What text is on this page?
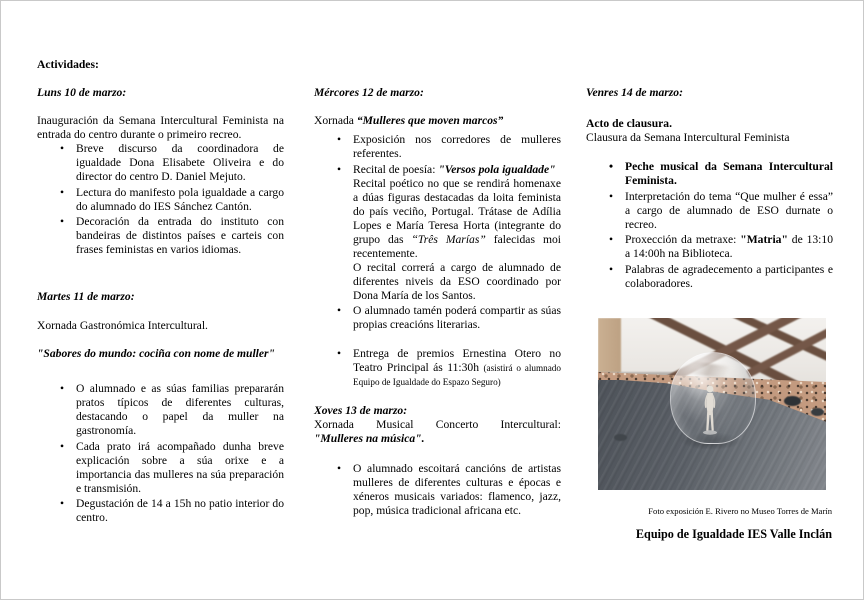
Actividades:

Luns 10 de marzo:

Inauguración da Semana Intercultural Feminista na entrada do centro durante o primeiro recreo.

• Breve discurso da coordinadora de igualdade Dona Elisabete Oliveira e do director do centro D. Daniel Mejuto.
• Lectura do manifesto pola igualdade a cargo do alumnado do IES Sánchez Cantón.
• Decoración da entrada do instituto con bandeiras de distintos países e carteis con frases feministas en varios idiomas.

Martes 11 de marzo:

Xornada Gastronómica Intercultural.

"Sabores do mundo: cociña con nome de muller"

• O alumnado e as súas familias prepararán pratos típicos de diferentes culturas, destacando o papel da muller na gastronomía.
• Cada prato irá acompañado dunha breve explicación sobre a súa orixe e a importancia das mulleres na súa preparación e transmisión.
• Degustación de 14 a 15h no patio interior do centro.

Mércores 12 de marzo:

Xornada “Mulleres que moven marcos”

• Exposición nos corredores de mulleres referentes.
• Recital de poesía: "Versos pola igualdade"
Recital poético no que se rendirá homenaxe a dúas figuras destacadas da loita feminista do país veciño, Portugal. Trátase de Adília Lopes e María Teresa Horta (integrante do grupo das “Três Marías” falecidas moi recentemente.
O recital correrá a cargo de alumnado de diferentes niveis da ESO coordinado por Dona María de los Santos.
• O alumnado tamén poderá compartir as súas propias creacións literarias.
• Entrega de premios Ernestina Otero no Teatro Principal ás 11:30h (asistirá o alumnado Equipo de Igualdade do Espazo Seguro)

Xoves 13 de marzo:

Xornada Musical Concerto Intercultural:

"Mulleres na música".

• O alumnado escoitará cancións de artistas mulleres de diferentes culturas e épocas e xéneros musicais variados: flamenco, jazz, pop, música tradicional africana etc.

Venres 14 de marzo:

Acto de clausura.

Clausura da Semana Intercultural Feminista

• Peche musical da Semana Intercultural Feminista.
• Interpretación do tema “Que mulher é essa” a cargo de alumnado de ESO durnate o recreo.
• Proxección da metraxe: "Matria" de 13:10 a 14:00h na Biblioteca.
• Palabras de agradecemento a participantes e colaboradores.

Foto exposición E. Rivero no Museo Torres de Marín

Equipo de Igualdade IES Valle Inclán
